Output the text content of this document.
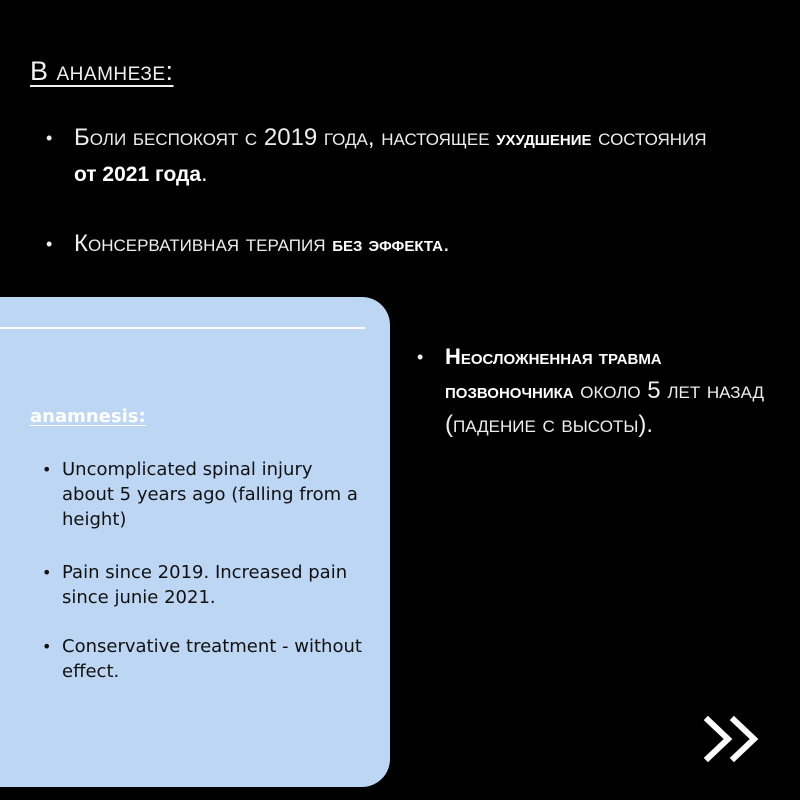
В анамнезе:
• Боли беспокоят с 2019 года, настоящее ухудшение состояния от 2021 года.
• Консервативная терапия без эффекта.
anamnesis:
• Uncomplicated spinal injury about 5 years ago (falling from a height)
• Pain since 2019. Increased pain since junie 2021.
• Conservative treatment - without effect.
• Неосложненная травма позвоночника около 5 лет назад (падение с высоты).
